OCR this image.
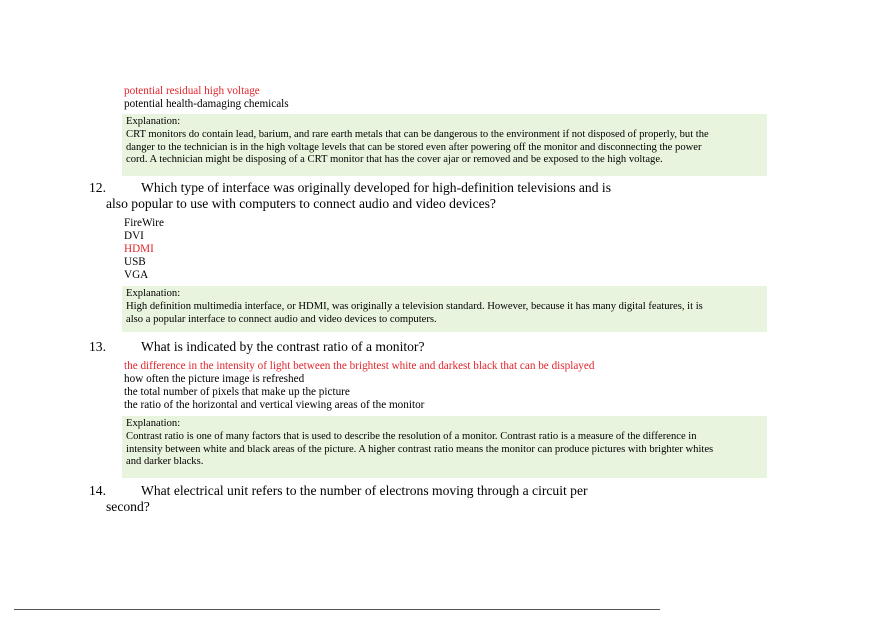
potential residual high voltage
potential health-damaging chemicals
Explanation:
CRT monitors do contain lead, barium, and rare earth metals that can be dangerous to the environment if not disposed of properly, but the
danger to the technician is in the high voltage levels that can be stored even after powering off the monitor and disconnecting the power
cord. A technician might be disposing of a CRT monitor that has the cover ajar or removed and be exposed to the high voltage.
12.	Which type of interface was originally developed for high-definition televisions and is
also popular to use with computers to connect audio and video devices?
FireWire
DVI
HDMI
USB
VGA
Explanation:
High definition multimedia interface, or HDMI, was originally a television standard. However, because it has many digital features, it is
also a popular interface to connect audio and video devices to computers.
13.	What is indicated by the contrast ratio of a monitor?
the difference in the intensity of light between the brightest white and darkest black that can be displayed
how often the picture image is refreshed
the total number of pixels that make up the picture
the ratio of the horizontal and vertical viewing areas of the monitor
Explanation:
Contrast ratio is one of many factors that is used to describe the resolution of a monitor. Contrast ratio is a measure of the difference in
intensity between white and black areas of the picture. A higher contrast ratio means the monitor can produce pictures with brighter whites
and darker blacks.
14.	What electrical unit refers to the number of electrons moving through a circuit per
second?
